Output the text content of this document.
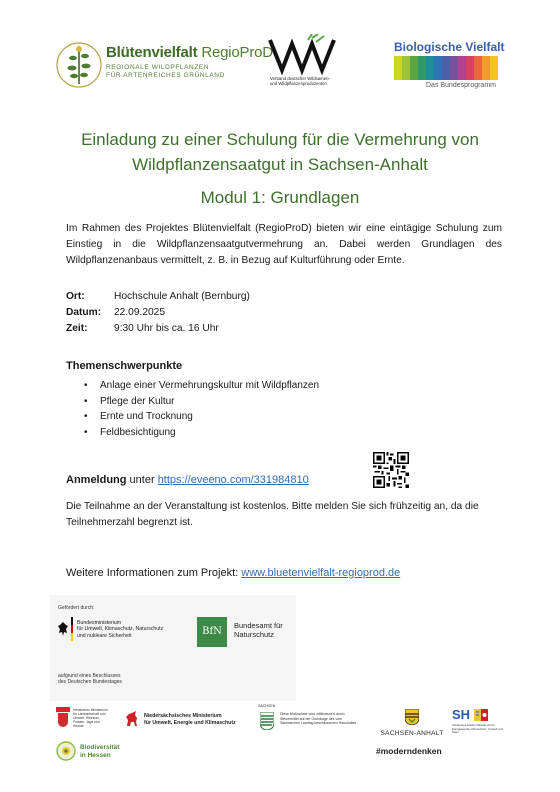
Blütenvielfalt RegioProD
REGIONALE WILDPFLANZEN
FÜR ARTENREICHES GRÜNLAND	Verband deutscher Wildsamen-
und Wildpflanzenproduzenten
Biologische Vielfalt
Das Bundesprogramm
Einladung zu einer Schulung für die Vermehrung von
Wildpflanzensaatgut in Sachsen-Anhalt
Modul 1: Grundlagen
Im Rahmen des Projektes Blütenvielfalt (RegioProD) bieten wir eine eintägige Schulung zum Einstieg in die Wildpflanzensaatgutvermehrung an. Dabei werden Grundlagen des Wildpflanzenanbaus vermittelt, z. B. in Bezug auf Kulturführung oder Ernte.
Ort:	Hochschule Anhalt (Bernburg)
Datum:	22.09.2025
Zeit:	9:30 Uhr bis ca. 16 Uhr
Themenschwerpunkte
• Anlage einer Vermehrungskultur mit Wildpflanzen
• Pflege der Kultur
• Ernte und Trocknung
• Feldbesichtigung
Anmeldung unter https://eveeno.com/331984810
Die Teilnahme an der Veranstaltung ist kostenlos. Bitte melden Sie sich frühzeitig an, da die Teilnehmerzahl begrenzt ist.
Weitere Informationen zum Projekt: www.bluetenvielfalt-regioprod.de
Gefördert durch:
Bundesministerium
für Umwelt, Klimaschutz, Naturschutz
und nukleare Sicherheit	BfN
Bundesamt für
Naturschutz
aufgrund eines Beschlusses
des Deutschen Bundestages
Hessisches Ministerium für Landwirtschaft und Umwelt, Weinbau, Forsten, Jagd und Heimat
Niedersächsisches Ministerium
für Umwelt, Energie und Klimaschutz
SACHSEN
Diese Maßnahme wird mitfinanziert durch
Steuermittel auf der Grundlage des vom
Sächsischen Landtag beschlossenen Haushaltes
SACHSEN-ANHALT
SH
Schleswig-Holstein Ministerium für Energiewende, Klimaschutz, Umwelt und Natur
Biodiversität
in Hessen	#moderndenken
